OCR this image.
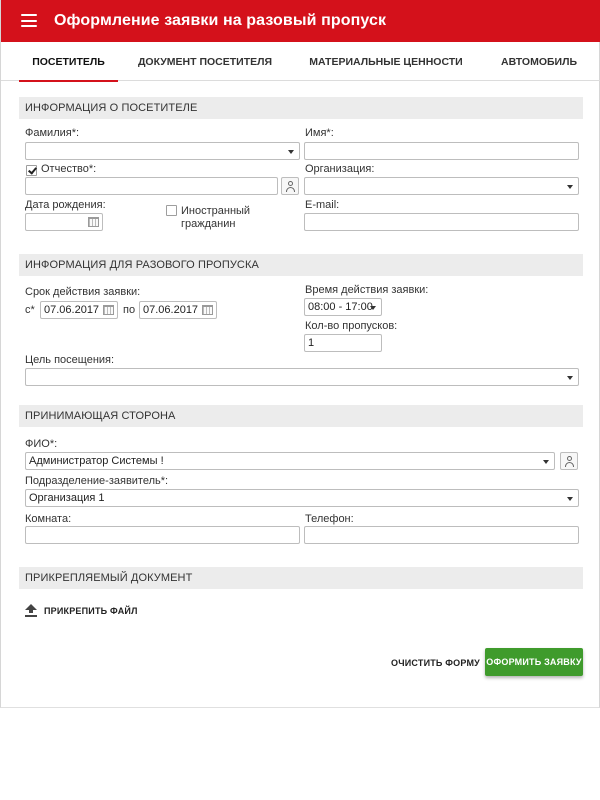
Оформление заявки на разовый пропуск
ПОСЕТИТЕЛЬ	ДОКУМЕНТ ПОСЕТИТЕЛЯ	МАТЕРИАЛЬНЫЕ ЦЕННОСТИ	АВТОМОБИЛЬ
ИНФОРМАЦИЯ О ПОСЕТИТЕЛЕ
Фамилия*:	Имя*:
Отчество*:	Организация:
Дата рождения:	Иностранный
гражданин
E-mail:
ИНФОРМАЦИЯ ДЛЯ РАЗОВОГО ПРОПУСКА
Срок действия заявки:
с* 07.06.2017	по 07.06.2017
Время действия заявки:
08:00 - 17:00
Кол-во пропусков:
1
Цель посещения:
ПРИНИМАЮЩАЯ СТОРОНА
ФИО*:
Администратор Системы !
Подразделение-заявитель*:
Организация 1
Комната:	Телефон:
ПРИКРЕПЛЯЕМЫЙ ДОКУМЕНТ
ПРИКРЕПИТЬ ФАЙЛ
ОЧИСТИТЬ ФОРМУ ОФОРМИТЬ ЗАЯВКУ
